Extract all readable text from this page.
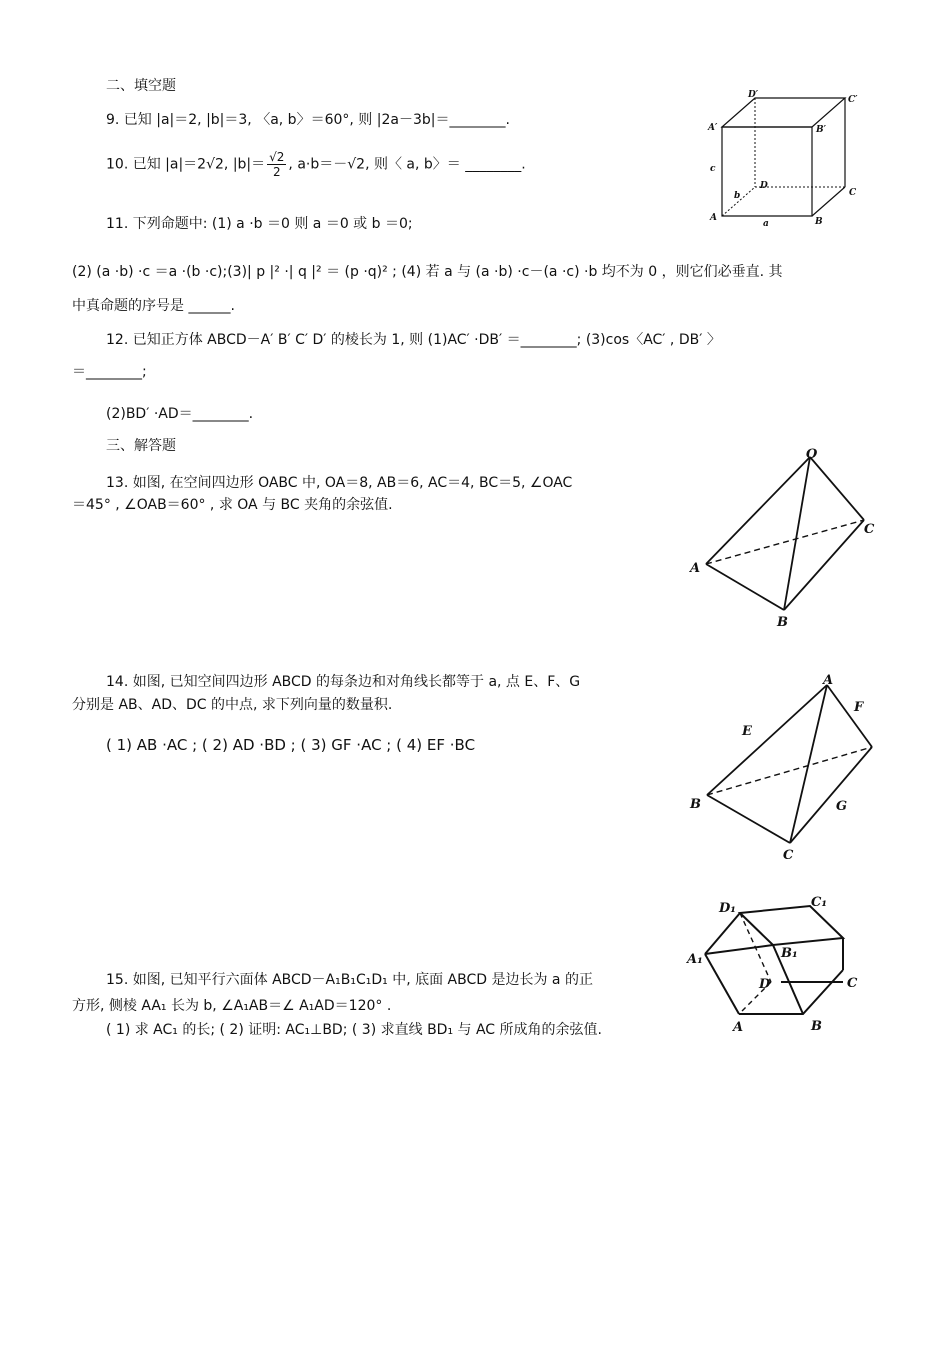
二、填空题
9. 已知 |a|＝2, |b|＝3, 〈a, b〉＝60°, 则 |2a－3b|＝________.
10. 已知 |a|＝2√2, $|b|= \frac{√2}{2}$ , a·b＝－√2, 则〈 a, b〉＝ ________.
11. 下列命题中: (1) a ·b ＝0 则 a ＝0 或 b ＝0;
(2) (a ·b) ·c ＝a ·(b ·c);(3)| p |² ·| q |² ＝ (p ·q)² ; (4) 若 a 与 (a ·b) ·c－(a ·c) ·b 均不为 0 ，则它们必垂直. 其
中真命题的序号是 ______.
12. 已知正方体 ABCD－A′ B′ C′ D′ 的棱长为 1, 则 (1)AC′ ·DB′ ＝________; (3)cos〈AC′ , DB′ 〉
＝________;
(2)BD′ ·AD＝________.
三、解答题
13. 如图, 在空间四边形 OABC 中, OA＝8, AB＝6, AC＝4, BC＝5, ∠OAC
＝45° , ∠OAB＝60° , 求 OA 与 BC 夹角的余弦值.
14. 如图, 已知空间四边形 ABCD 的每条边和对角线长都等于 a, 点 E、F、G
分别是 AB、AD、DC 的中点, 求下列向量的数量积.
( 1) AB ·AC ; ( 2) AD ·BD ; ( 3) GF ·AC ; ( 4) EF ·BC
15. 如图, 已知平行六面体 ABCD－A₁B₁C₁D₁ 中, 底面 ABCD 是边长为 a 的正
方形, 侧棱 AA₁ 长为 b, ∠A₁AB＝∠ A₁AD＝120° .
( 1) 求 AC₁ 的长; ( 2) 证明: AC₁⊥BD; ( 3) 求直线 BD₁ 与 AC 所成角的余弦值.
D′	C′
A′	B′
c
b
D
C
A
a	B
O
C
A
B
A
F
E
B	G
C
D₁	C₁
A₁	B₁
D	C
A	B
